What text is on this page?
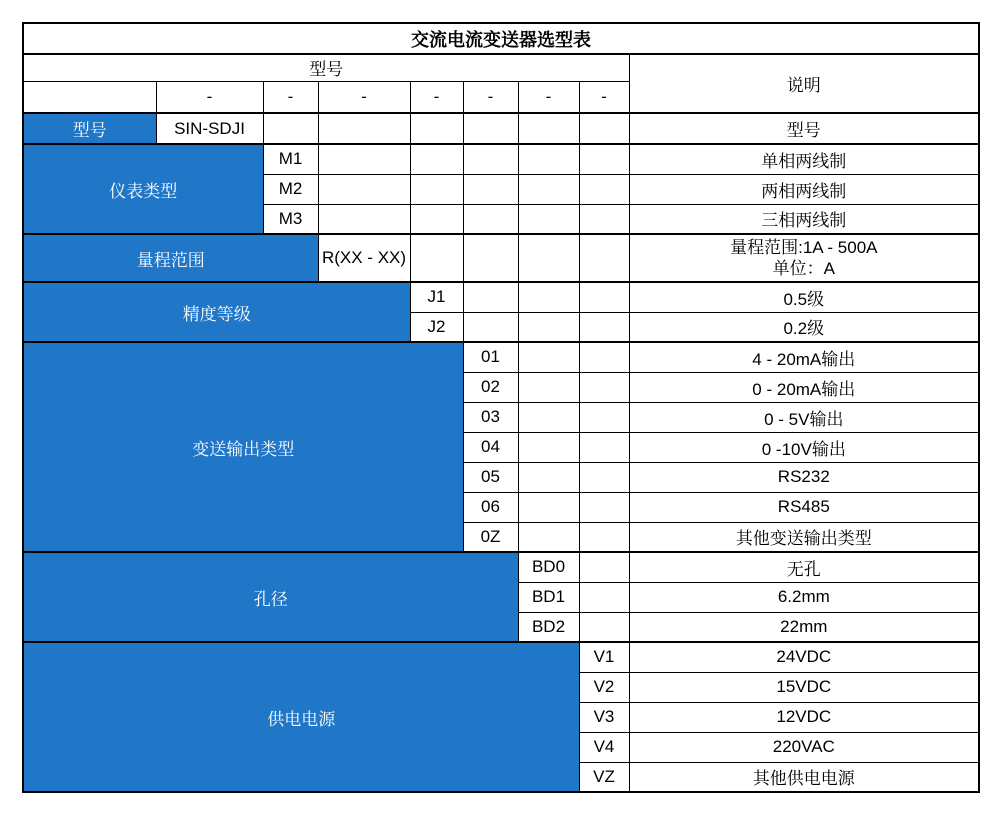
交流电流变送器选型表								
型号								说明
	-	-	-	-	-	-	-	
型号	SIN-SDJI							型号
仪表类型		M1						单相两线制
		M2						两相两线制
		M3						三相两线制
量程范围			R(XX - XX)					量程范围:1A - 500A
单位：A

精度等级				J1				0.5级
				J2				0.2级
变送输出类型					01			4 - 20mA输出
					02			0 - 20mA输出
					03			0 - 5V输出
					04			0 -10V输出
					05			RS232
					06			RS485
					0Z			其他变送输出类型
孔径						BD0		无孔
						BD1		6.2mm
						BD2		22mm
供电电源							V1	24VDC
							V2	15VDC
							V3	12VDC
							V4	220VAC
							VZ	其他供电电源
